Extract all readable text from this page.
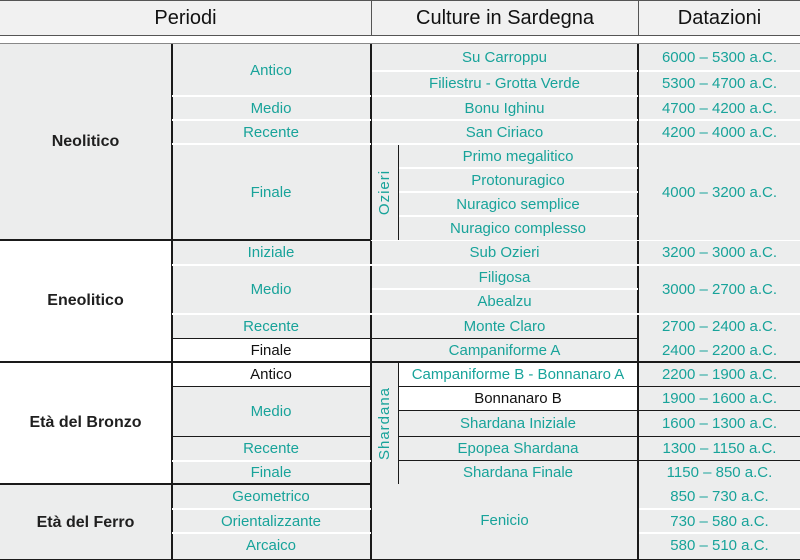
Periodi	Culture in Sardegna	Datazioni
Neolitico
Eneolitico
Età del Bronzo
Età del Ferro
Antico
Medio
Recente
Finale
Iniziale
Medio
Recente
Finale
Antico
Medio
Recente
Finale
Geometrico
Orientalizzante
Arcaico
Ozieri
Shardana
Su Carroppu
Filiestru - Grotta Verde
Bonu Ighinu
San Ciriaco
Primo megalitico
Protonuragico
Nuragico semplice
Nuragico complesso
Sub Ozieri
Filigosa
Abealzu
Monte Claro
Campaniforme A
Campaniforme B - Bonnanaro A
Bonnanaro B
Shardana Iniziale
Epopea Shardana
Shardana Finale
Fenicio
6000 – 5300 a.C.
5300 – 4700 a.C.
4700 – 4200 a.C.
4200 – 4000 a.C.
4000 – 3200 a.C.
3200 – 3000 a.C.
3000 – 2700 a.C.
2700 – 2400 a.C.
2400 – 2200 a.C.
2200 – 1900 a.C.
1900 – 1600 a.C.
1600 – 1300 a.C.
1300 – 1150 a.C.
1150 – 850 a.C.
850 – 730 a.C.
730 – 580 a.C.
580 – 510 a.C.
